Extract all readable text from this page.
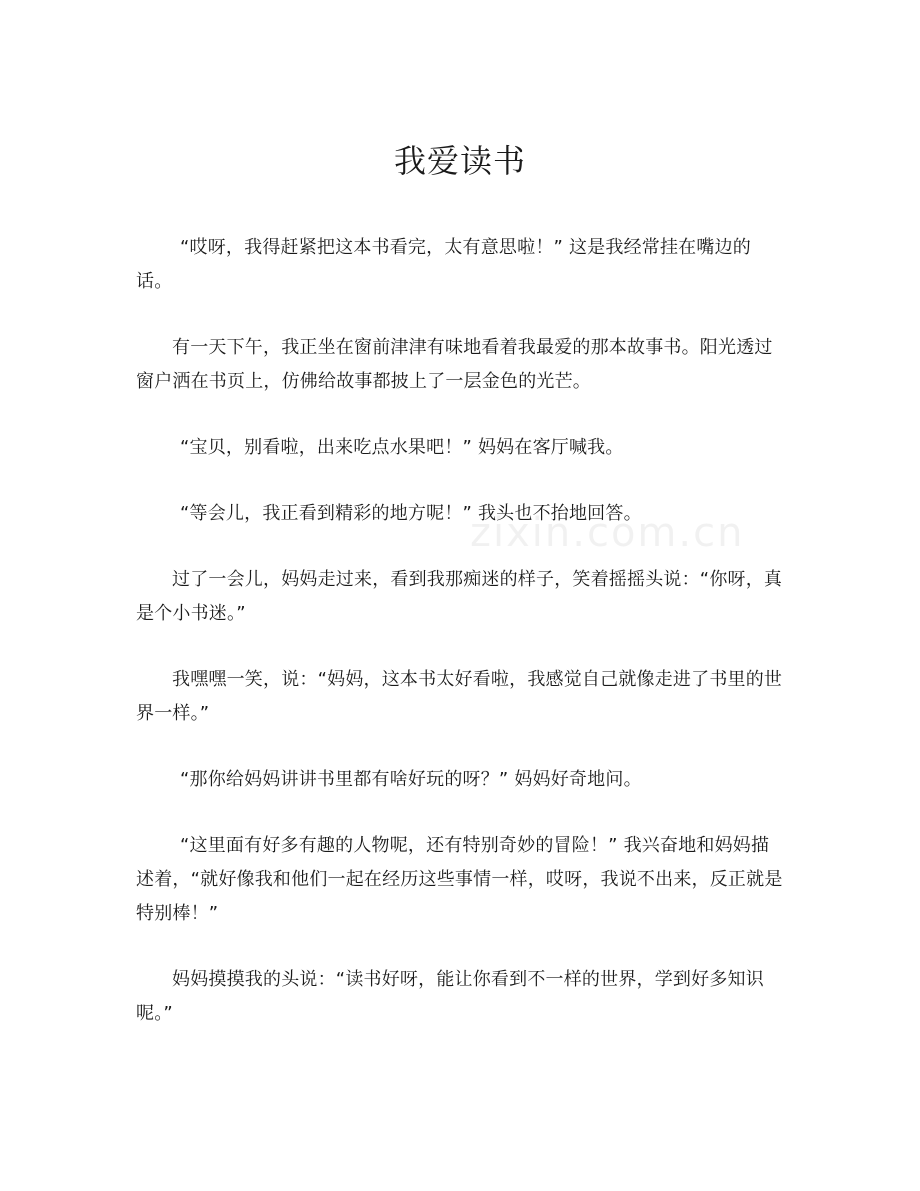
zixin.com.cn
我爱读书

“哎呀，我得赶紧把这本书看完，太有意思啦！” 这是我经常挂在嘴边的话。

有一天下午，我正坐在窗前津津有味地看着我最爱的那本故事书。阳光透过窗户洒在书页上，仿佛给故事都披上了一层金色的光芒。

“宝贝，别看啦，出来吃点水果吧！” 妈妈在客厅喊我。

“等会儿，我正看到精彩的地方呢！” 我头也不抬地回答。

过了一会儿，妈妈走过来，看到我那痴迷的样子，笑着摇摇头说：“你呀，真是个小书迷。”

我嘿嘿一笑，说：“妈妈，这本书太好看啦，我感觉自己就像走进了书里的世界一样。”

“那你给妈妈讲讲书里都有啥好玩的呀？” 妈妈好奇地问。

“这里面有好多有趣的人物呢，还有特别奇妙的冒险！” 我兴奋地和妈妈描述着，“就好像我和他们一起在经历这些事情一样，哎呀，我说不出来，反正就是特别棒！”

妈妈摸摸我的头说：“读书好呀，能让你看到不一样的世界，学到好多知识呢。”
